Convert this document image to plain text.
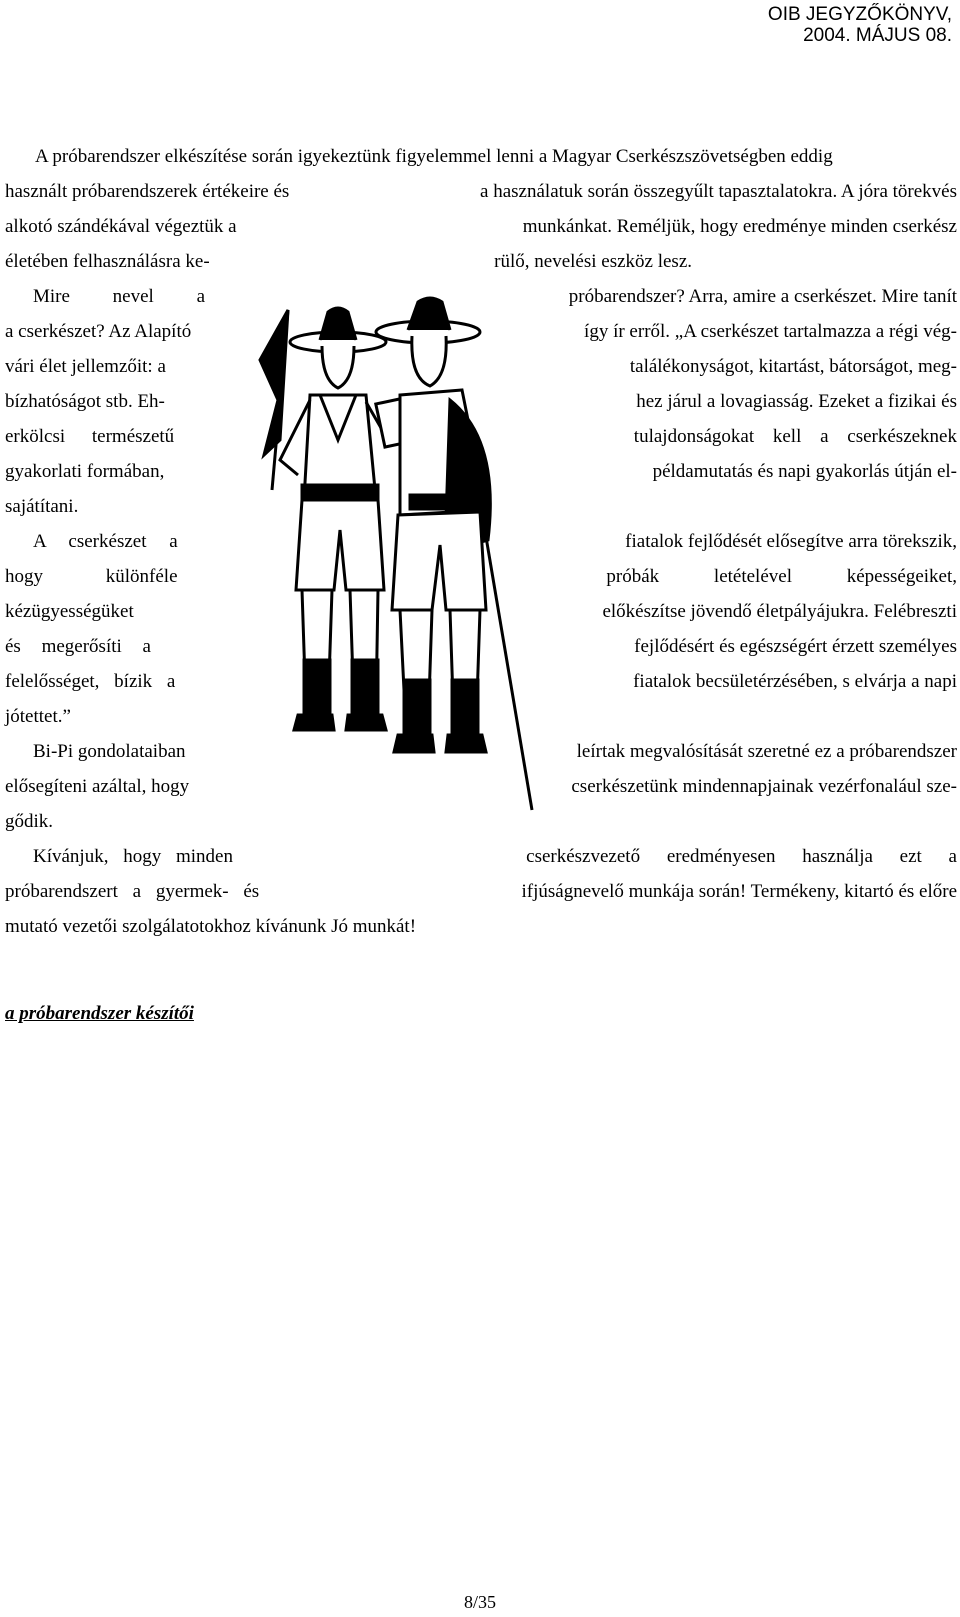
OIB JEGYZŐKÖNYV,
2004. MÁJUS 08.
A próbarendszer elkészítése során igyekeztünk figyelemmel lenni a Magyar Cserkészszövetségben eddig
használt próbarendszerek értékeire és	a használatuk során összegyűlt tapasztalatokra. A jóra törekvés
alkotó szándékával végeztük a	munkánkat. Reméljük, hogy eredménye minden cserkész
életében felhasználásra ke-	rülő, nevelési eszköz lesz.
Mire nevel a	próbarendszer? Arra, amire a cserkészet. Mire tanít
a cserkészet? Az Alapító	így ír erről. „A cserkészet tartalmazza a régi vég-
vári élet jellemzőit: a	találékonyságot, kitartást, bátorságot, meg-
bízhatóságot stb. Eh-	hez járul a lovagiasság. Ezeket a fizikai és
erkölcsi természetű	tulajdonságokat kell a cserkészeknek
gyakorlati formában,	példamutatás és napi gyakorlás útján el-
sajátítani.
A cserkészet a	fiatalok fejlődését elősegítve arra törekszik,
hogy különféle	próbák letételével képességeiket,
kézügyességüket	előkészítse jövendő életpályájukra. Felébreszti
és megerősíti a	fejlődésért és egészségért érzett személyes
felelősséget, bízik a	fiatalok becsületérzésében, s elvárja a napi
jótettet.”
Bi-Pi gondolataiban	leírtak megvalósítását szeretné ez a próbarendszer
elősegíteni azáltal, hogy	cserkészetünk mindennapjainak vezérfonalául sze-
gődik.
Kívánjuk, hogy minden	cserkészvezető eredményesen használja ezt a
próbarendszert a gyermek- és	ifjúságnevelő munkája során! Termékeny, kitartó és előre
mutató vezetői szolgálatotokhoz kívánunk Jó munkát!
a próbarendszer készítői
8/35
